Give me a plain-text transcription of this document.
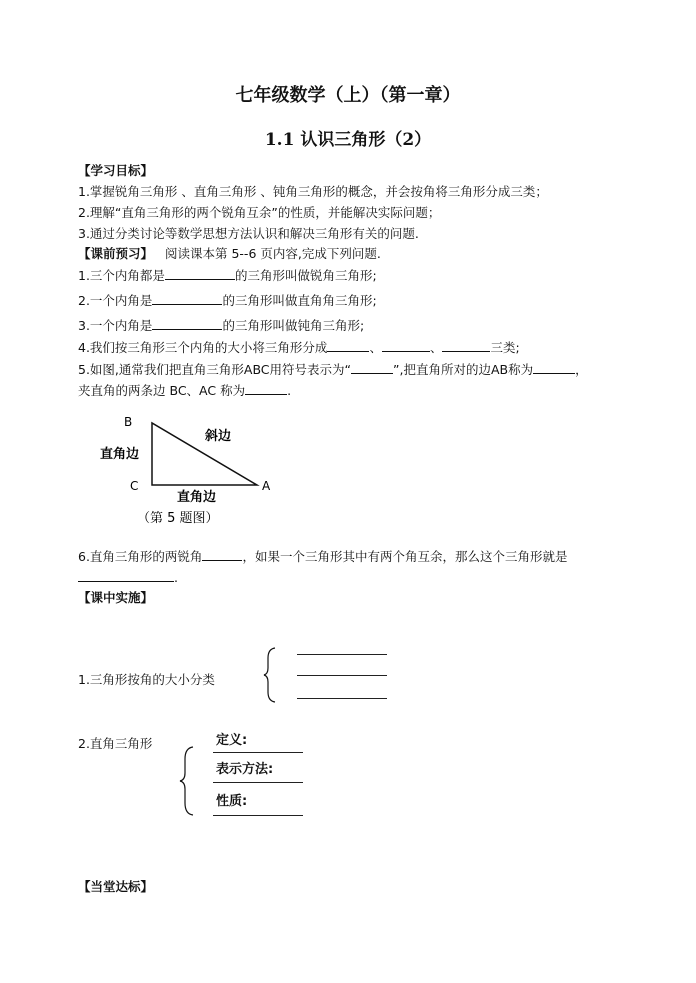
七年级数学（上）（第一章）
1.1 认识三角形（2）
【学习目标】
1.掌握锐角三角形 、直角三角形 、钝角三角形的概念，并会按角将三角形分成三类；
2.理解“直角三角形的两个锐角互余”的性质，并能解决实际问题；
3.通过分类讨论等数学思想方法认识和解决三角形有关的问题.
【课前预习】 阅读课本第 5--6 页内容,完成下列问题.
1.三个内角都是	的三角形叫做锐角三角形;
2.一个内角是	的三角形叫做直角角三角形;
3.一个内角是	的三角形叫做钝角三角形;
4.我们按三角形三个内角的大小将三角形分成	、	、	三类;
5.如图,通常我们把直角三角形ABC用符号表示为“	”,把直角所对的边AB称为	，
夹直角的两条边 BC、AC 称为	.
B
C	A
斜边
直角边
直角边
（第 5 题图）
6.直角三角形的两锐角	，如果一个三角形其中有两个角互余，那么这个三角形就是
.
【课中实施】
1.三角形按角的大小分类
2.直角三角形	定义:
表示方法:
性质:
【当堂达标】
